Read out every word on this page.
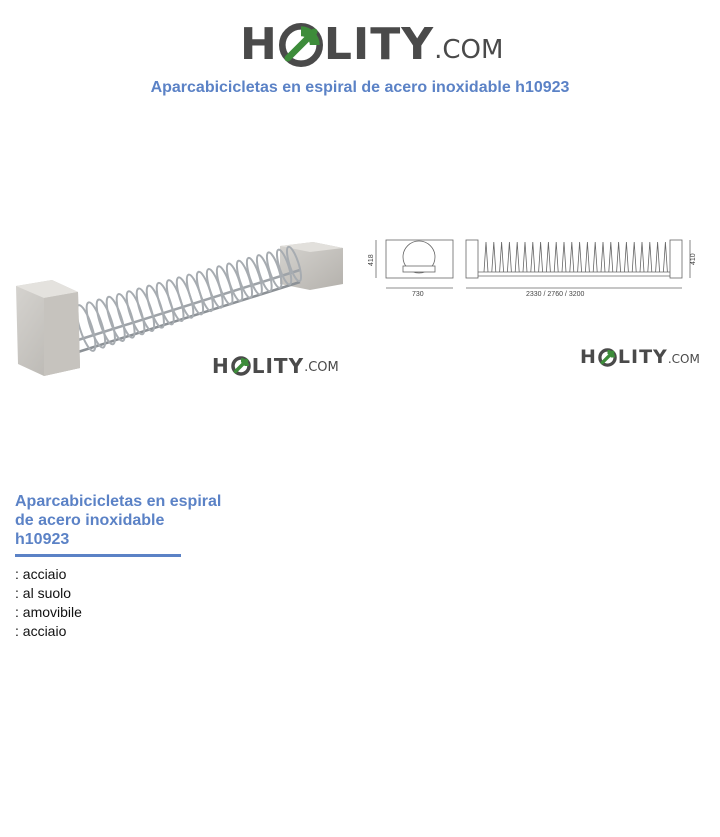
H LITY .COM
Aparcabicicletas en espiral de acero inoxidable h10923
H LITY .COM
418
730	2330 / 2760 / 3200
410
H LITY .COM
Aparcabicicletas en espiral
de acero inoxidable
h10923
: acciaio
: al suolo
: amovibile
: acciaio
